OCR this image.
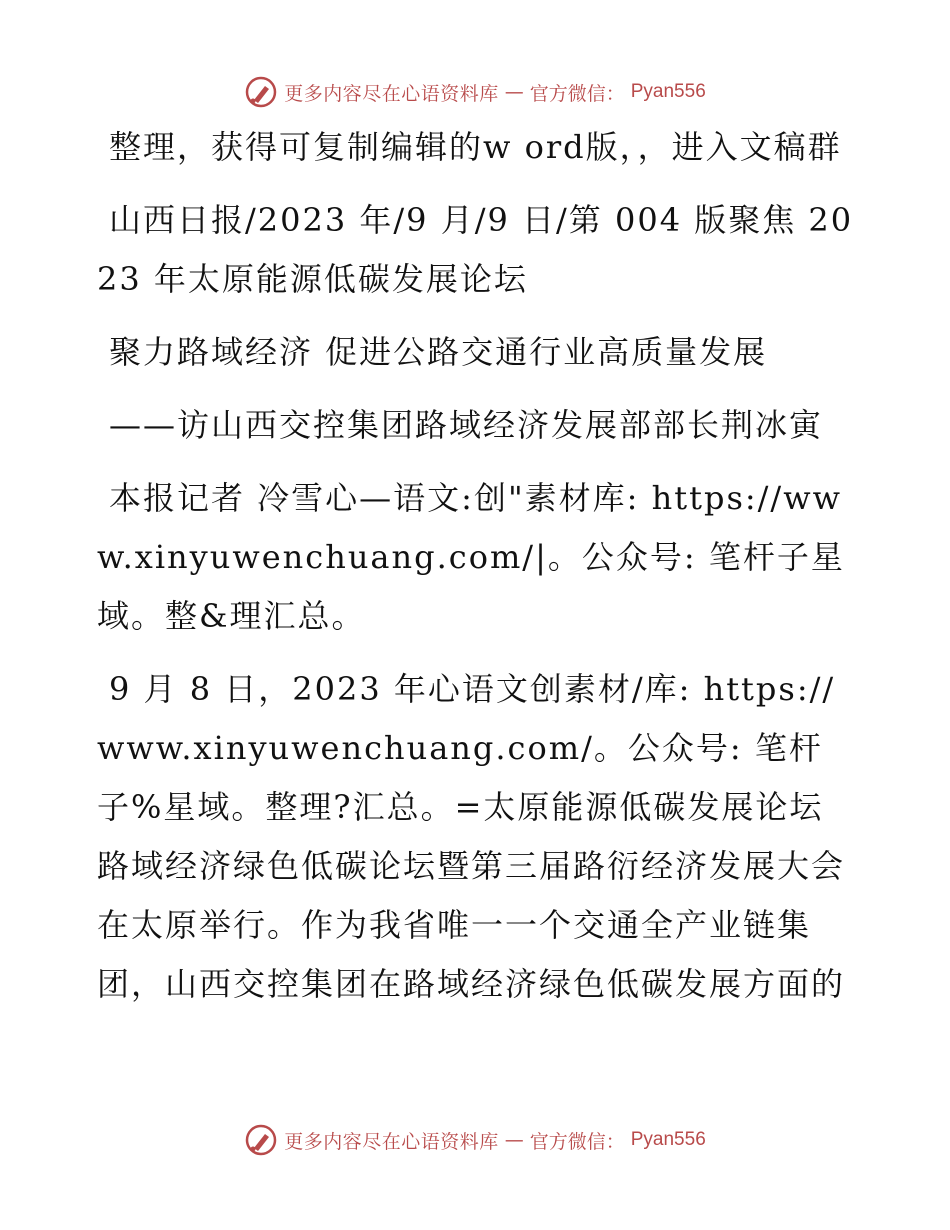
更多内容尽在心语资料库 — 官方微信： Pyan556

整理，获得可复制编辑的w ord版，，进入文稿群

山西日报/2023 年/9 月/9 日/第 004 版聚焦 2023 年太原能源低碳发展论坛

聚力路域经济 促进公路交通行业高质量发展

——访山西交控集团路域经济发展部部长荆冰寅

本报记者 冷雪心—语文:创"素材库: https://www.xinyuwenchuang.com/|。公众号: 笔杆子星域。整&理汇总。

9 月 8 日，2023 年心语文创素材/库: https://www.xinyuwenchuang.com/。公众号: 笔杆子%星域。整理?汇总。=太原能源低碳发展论坛路域经济绿色低碳论坛暨第三届路衍经济发展大会在太原举行。作为我省唯一一个交通全产业链集团，山西交控集团在路域经济绿色低碳发展方面的

更多内容尽在心语资料库 — 官方微信： Pyan556
